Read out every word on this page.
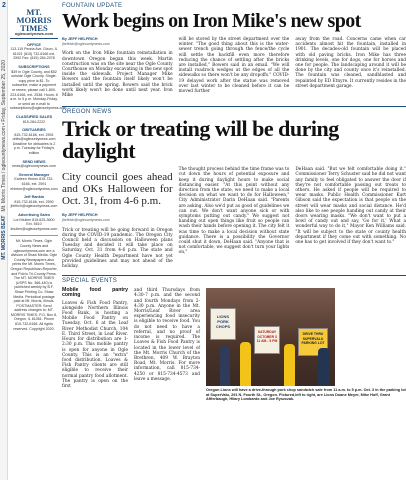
2
MT. MORRIS BEAT   Mt. Morris Times / ogleountynews.com • Friday, September 25, 2020
MT. MORRIS
TIMES
ogleountynews.com
OFFICE
113-115 Peoria Ave. Dixon, IL 61021 (815) 732-6166 ext. 2592 Fax: (815) 284-2078
SUBSCRIPTIONS
$39 in Ogle County, and $52 outside Ogle County. Single-copy price is $1. To subscribe, make a payment or renew, please call 1-800-223-6166, ext. 2538. Hours: 8 a.m. to 5 p.m. Monday-Friday, or send an e-mail to subscriptions@ogleountynews.com.
CLASSIFIED SALES
815-284-2222
OBITUARIES
815-732-6166, ext. 2591 obits@ogleountynews.com Deadline for obituaries is 2 p.m. Tuesday for Friday's edition
SEND NEWS
news@ogleountynews.com
General Manager
Earleen Hinton 815-732-6166, ext. 2591 ehinton@ogleountynews.com
Jeff Rankin
815-732-6166, ext. 2590 jfeifrich@ogleountynews.com
Advertising Sales
Lori Mullen 815-625-3600 Ext. 5510 lmullen@ogleountynews.com
Mt. Morris Times, Ogle County News and ogleountynews.com are a division of Shaw Media. Ogle County Newspapers also prints the Mt. Morris Times, Oregon Republican-Reporter, and Polo's Tri-County Press. The MT. MORRIS TIMES (USPS No. 366-440) is published weekly by B.F. Shaw Printing Co. Shaw Media. Periodical postage paid at Mt. Morris, Illinois. POSTMASTER: Send address changes to: MT. MORRIS TIMES, P.O. Box 8, Oregon, IL 61061. Phone 815-732-6166. All rights reserved. Copyright 2020.
FOUNTAIN UPDATE
Work begins on Iron Mike's new spot
By JEFF HELFRICH
jhelfrich@ogleountynews.com
Work on the Iron Mike fountain reinstallation in downtown Oregon began this week. Martin construction was on the site near the Ogle County Courthouse on Monday excavating in the new spot inside the sidewalk. Project Manager Mike Bowers said the fountain itself likely won't be installed until the spring. Bowers said the brick work likely won't be done until next year. Iron Mike
will be stored by the street department over the winter. "The good thing about this is the water-sewer trench going through the fence/the cycle will settle the backfill even more therefore reducing the chance of settling after the bricks are installed," Bowers said in an email. "We will install roadrock wedges at the edges of all the sidewalks so there won't be any dropoffs." COVID-19 delayed work after the statue was removed over last winter to be cleaned before it can be moved further
away from the road. Concerns came when car accidents almost hit the fountain, installed in 1901. The decades-old fountain will be placed with old paving bricks. Iron Mike has three drinking levels, one for dogs, one for horses and one for people. The landscaping around it will be done by the city and county once it's reinstalled. The fountain was cleaned, sandblasted and repainted by ED Etnyre. It currently resides in the street department garage.
OREGON NEWS
Trick or treating will be during daylight
City council goes ahead and OKs Halloween for Oct. 31, from 4-6 p.m.
By JEFF HELFRICH
jhelfrich@ogleountynews.com
Trick or treating will be going forward in Oregon during the COVID-19 pandemic. The Oregon City Council held a discussion on Halloween plans Tuesday and decided it will take place on Saturday, Oct. 31 from 4-6 p.m. The state and Ogle County Health Department have not yet provided guidelines and may not ahead of the holiday.
The thought process behind the time frame was to cut down the hours of potential exposure and keep it during daylight hours to make social distancing easier. "At this point without any direction from the state, we need to make a local decision on what we want to do for Halloween," City Administrator Darin DeHaan said. "Parents are asking. Also we'd put as good of guidelines we can out. We don't want anyone sick or with symptoms putting out candy." We suggest not handing out open things like fruit so people can wash their hands before opening it. The city felt it was time to make a local decision without state guidance. There is a possibility the Governor could shut it down, DeHaan said. "Anyone that is not comfortable, we suggest don't turn your lights on,"
DeHaan said. "But we felt comfortable doing it." Commissioner Terry Schuster said he did not want any family to feel obligated to answer the door if they're not comfortable passing out treats to others. He asked if people will be required to wear masks. Public Health Commissioner Kurt Gibson said the expectation is that people on the street will wear masks and social distance. He'd also like to see people handing out candy at their doors wearing masks. "We don't want to put a bowl of candy out and say, 'Go for it,' What a wonderful way to do it," Mayor Ken Williams said. "It will be subject to the state or county health department if they come out with something. No one has to get involved if they don't want to."
SPECIAL EVENTS
Mobile food pantry coming
Loaves & Fish Food Pantry, alongside Northern Illinois Food Bank, is hosting a Mobile Food Pantry on Tuesday, Oct. 6 at the Leaf River Methodist Church, 104 E. Third Street, in Leaf River. Hours for distribution are 1-2:30 p.m. This mobile pantry is open for anyone in Ogle County. This is an "extra" food distribution. Loaves & Fish Pantry clients are still eligible to receive their normal pantry food allotment. The pantry is open on the first
and third Thursdays from 4:30-7 p.m. and the second and fourth Mondays from 2-4:30 p.m. Anyone in the Mt. Morris/Leaf River area experiencing food insecurity is eligible to receive food. You do not need to have a referral, and no proof of income is required. The Loaves & Fish Food Pantry is located in the lower level of the Mt. Morris Church of the Brethren, 409 W. Brayton Road, Mt. Morris. For more information, call 815-734-4250 or 815-734-4573 and leave a message.
LIONS PORK CHOPS
SATURDAY OCTOBER 3 11 AM - 5 PM
DRIVE THRU SUPERVALU PARKING LOT
Oregon Lions will have a drive-through pork chop sandwich sale from 11 a.m. to 5 p.m. Oct. 3 in the parking lot at SuperValu, 291 N. Fourth St., Oregon. Pictured,left to right, are Lions Duane Meyer, Mike Hoff, Grant Afflerbaugh, Hilary Lombardo and Joe Ryszczak.
